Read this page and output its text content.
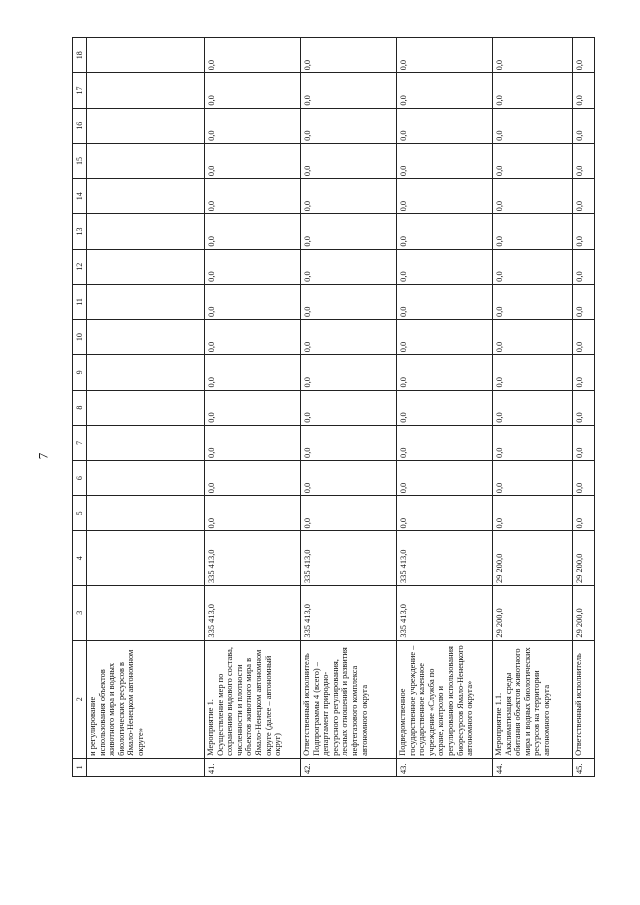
7
1	2	3	4	5	6	7	8	9	10	11	12	13	14	15	16	17	18
	и регулирование использования объектов животного мира и водных биологических ресурсов в Ямало-Ненецком автономном округе»																
41.	Мероприятие 1. Осуществление мер по сохранению видового состава, численности и плотности объектов животного мира в Ямало-Ненецком автономном округе (далее – автономный округ)	335 413,0	335 413,0	0,0	0,0	0,0	0,0	0,0	0,0	0,0	0,0	0,0	0,0	0,0	0,0	0,0	0,0
42.	Ответственный исполнитель Подпрограммы 4 (всего) – департамент природно-ресурсного регулирования, лесных отношений и развития нефтегазового комплекса автономного округа	335 413,0	335 413,0	0,0	0,0	0,0	0,0	0,0	0,0	0,0	0,0	0,0	0,0	0,0	0,0	0,0	0,0
43.	Подведомственное государственное учреждение – государственное казенное учреждение «Служба по охране, контролю и регулированию использования биоресурсов Ямало-Ненецкого автономного округа»	335 413,0	335 413,0	0,0	0,0	0,0	0,0	0,0	0,0	0,0	0,0	0,0	0,0	0,0	0,0	0,0	0,0
44.	Мероприятие 1.1. Акклиматизация среды обитания объектов животного мира и водных биологических ресурсов на территории автономного округа	29 200,0	29 200,0	0,0	0,0	0,0	0,0	0,0	0,0	0,0	0,0	0,0	0,0	0,0	0,0	0,0	0,0
45.	Ответственный исполнитель	29 200,0	29 200,0	0,0	0,0	0,0	0,0	0,0	0,0	0,0	0,0	0,0	0,0	0,0	0,0	0,0	0,0
